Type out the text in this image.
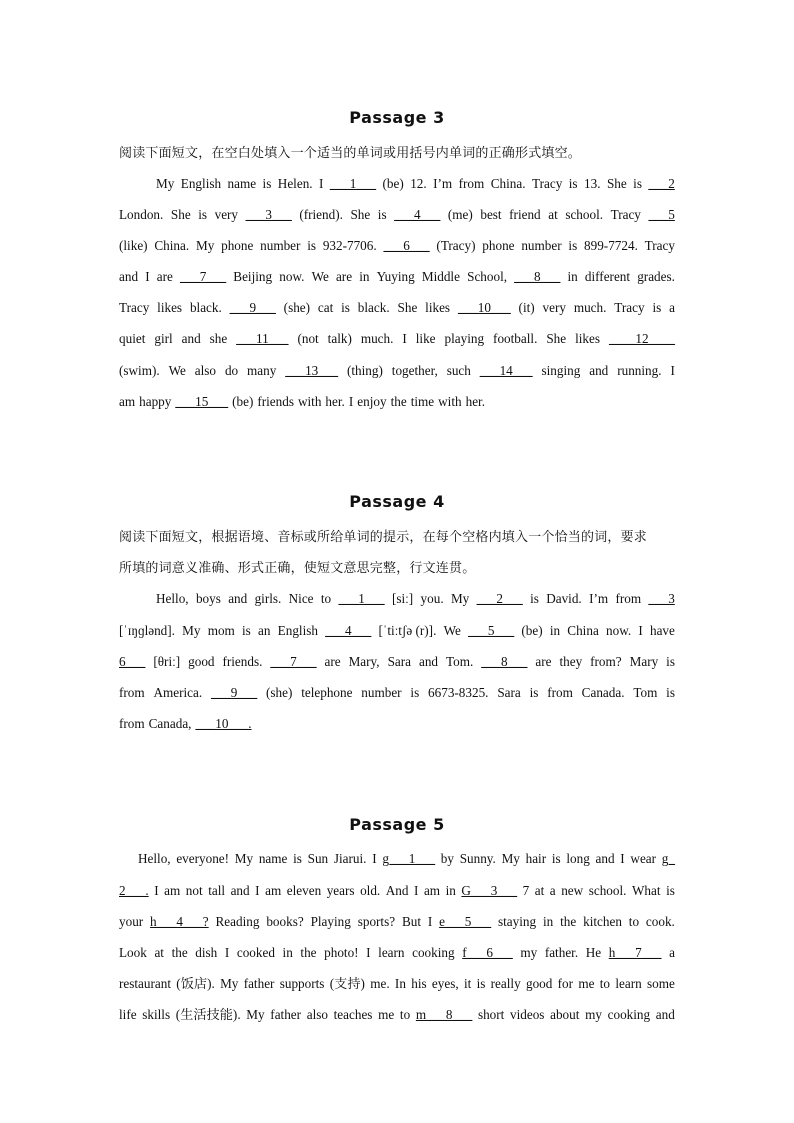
Passage 3
阅读下面短文，在空白处填入一个适当的单词或用括号内单词的正确形式填空。
My English name is Helen. I ___1___ (be) 12. I’m from China. Tracy is 13. She is ___2
London. She is very ___3___ (friend). She is ___4___ (me) best friend at school. Tracy ___5
(like) China. My phone number is 932-7706. ___6___ (Tracy) phone number is 899-7724. Tracy
and I are ___7___ Beijing now. We are in Yuying Middle School, ___8___ in different grades.
Tracy likes black. ___9___ (she) cat is black. She likes ___10___ (it) very much. Tracy is a
quiet girl and she ___11___ (not talk) much. I like playing football. She likes ____12____
(swim). We also do many ___13___ (thing) together, such ___14___ singing and running. I
am happy ___15___ (be) friends with her. I enjoy the time with her.
Passage 4
阅读下面短文，根据语境、音标或所给单词的提示，在每个空格内填入一个恰当的词，要求
所填的词意义准确、形式正确，使短文意思完整，行文连贯。
Hello, boys and girls. Nice to ___1___ [siː] you. My ___2___ is David. I’m from ___3
[ˈɪŋɡlənd]. My mom is an English ___4___ [ˈtiːtʃə (r)]. We ___5___ (be) in China now. I have
6___ [θriː] good friends. ___7___ are Mary, Sara and Tom. ___8___ are they from? Mary is
from America. ___9___ (she) telephone number is 6673-8325. Sara is from Canada. Tom is
from Canada, ___10___.
Passage 5
Hello, everyone! My name is Sun Jiarui. I g___1___ by Sunny. My hair is long and I wear g_
2___. I am not tall and I am eleven years old. And I am in G___3___ 7 at a new school. What is
your h___4___? Reading books? Playing sports? But I e___5___ staying in the kitchen to cook.
Look at the dish I cooked in the photo! I learn cooking f___6___ my father. He h___7___ a
restaurant (饭店). My father supports (支持) me. In his eyes, it is really good for me to learn some
life skills (生活技能). My father also teaches me to m___8___ short videos about my cooking and
